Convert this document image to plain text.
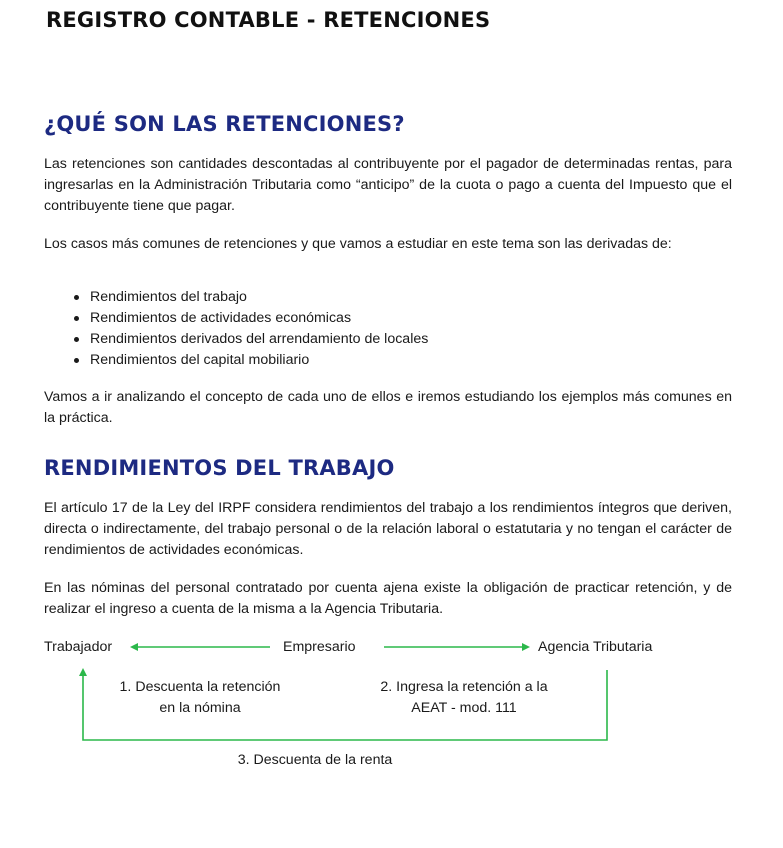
REGISTRO CONTABLE - RETENCIONES
¿QUÉ SON LAS RETENCIONES?

Las retenciones son cantidades descontadas al contribuyente por el pagador de determinadas rentas, para ingresarlas en la Administración Tributaria como “anticipo” de la cuota o pago a cuenta del Impuesto que el contribuyente tiene que pagar.

Los casos más comunes de retenciones y que vamos a estudiar en este tema son las derivadas de:

Rendimientos del trabajo
Rendimientos de actividades económicas
Rendimientos derivados del arrendamiento de locales
Rendimientos del capital mobiliario

Vamos a ir analizando el concepto de cada uno de ellos e iremos estudiando los ejemplos más comunes en la práctica.

RENDIMIENTOS DEL TRABAJO

El artículo 17 de la Ley del IRPF considera rendimientos del trabajo a los rendimientos íntegros que deriven, directa o indirectamente, del trabajo personal o de la relación laboral o estatutaria y no tengan el carácter de rendimientos de actividades económicas.

En las nóminas del personal contratado por cuenta ajena existe la obligación de practicar retención, y de realizar el ingreso a cuenta de la misma a la Agencia Tributaria.

Trabajador	Empresario	Agencia Tributaria
1. Descuenta la retención
en la nómina
2. Ingresa la retención a la
AEAT - mod. 111
3. Descuenta de la renta
